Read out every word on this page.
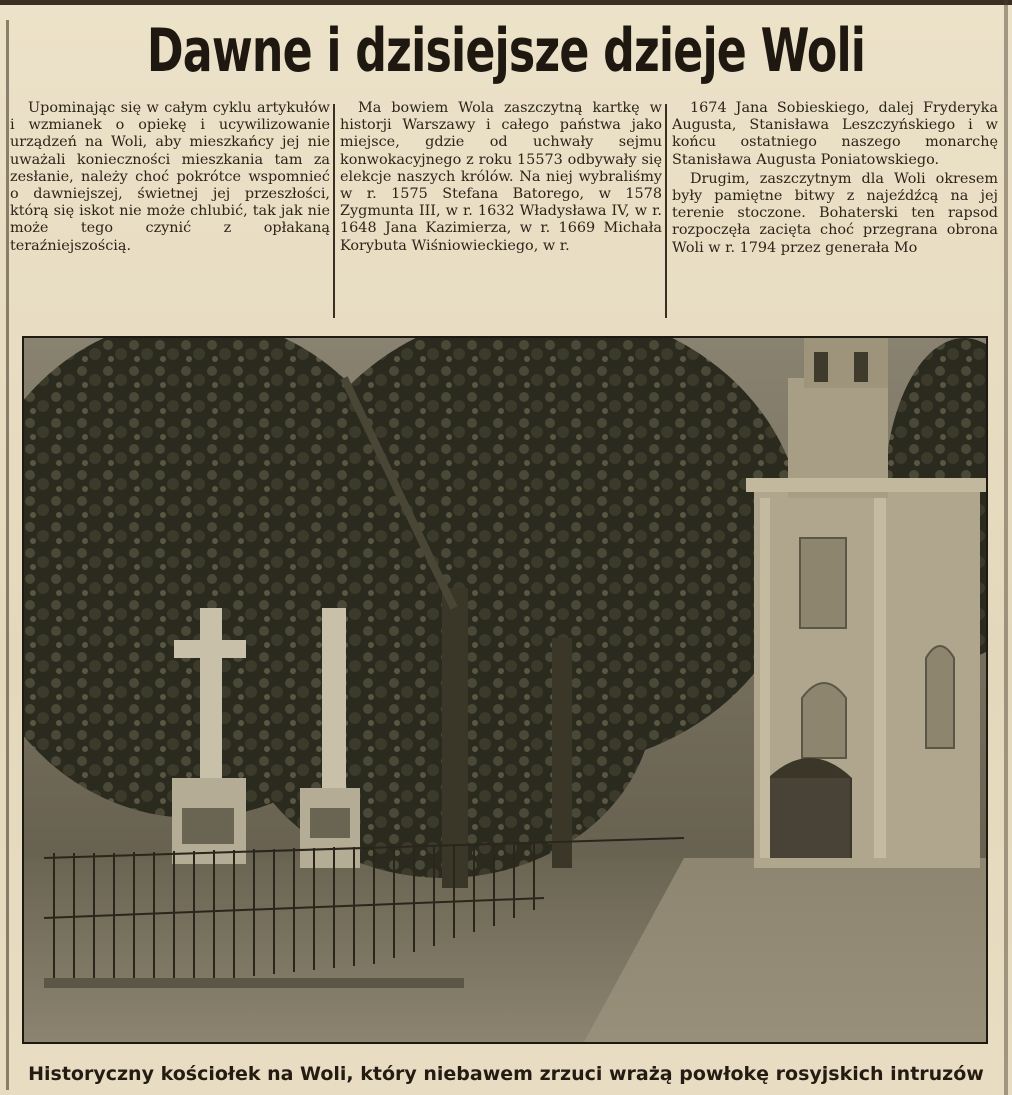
Dawne i dzisiejsze dzieje Woli

Upominając się w całym cyklu artykułów i wzmianek o opiekę i ucywilizowanie urządzeń na Woli, aby mieszkańcy jej nie uważali konieczności mieszkania tam za zesłanie, należy choć pokrótce wspomnieć o dawniejszej, świetnej jej przeszłości, którą się iskot nie może chlubić, tak jak nie może tego czynić z opłakaną teraźniejszością.

Ma bowiem Wola zaszczytną kartkę w historji Warszawy i całego państwa jako miejsce, gdzie od uchwały sejmu konwokacyjnego z roku 15573 odbywały się elekcje naszych królów. Na niej wybraliśmy w r. 1575 Stefana Batorego, w 1578 Zygmunta III, w r. 1632 Władysława IV, w r. 1648 Jana Kazimierza, w r. 1669 Michała Korybuta Wiśniowieckiego, w r.

1674 Jana Sobieskiego, dalej Fryderyka Augusta, Stanisława Leszczyńskiego i w końcu ostatniego naszego monarchę Stanisława Augusta Poniatowskiego.

Drugim, zaszczytnym dla Woli okresem były pamiętne bitwy z najeźdźcą na jej terenie stoczone. Bohaterski ten rapsod rozpoczęła zacięta choć przegrana obrona Woli w r. 1794 przez generała Mo

Historyczny kościołek na Woli, który niebawem zrzuci wrażą powłokę rosyjskich intruzów
